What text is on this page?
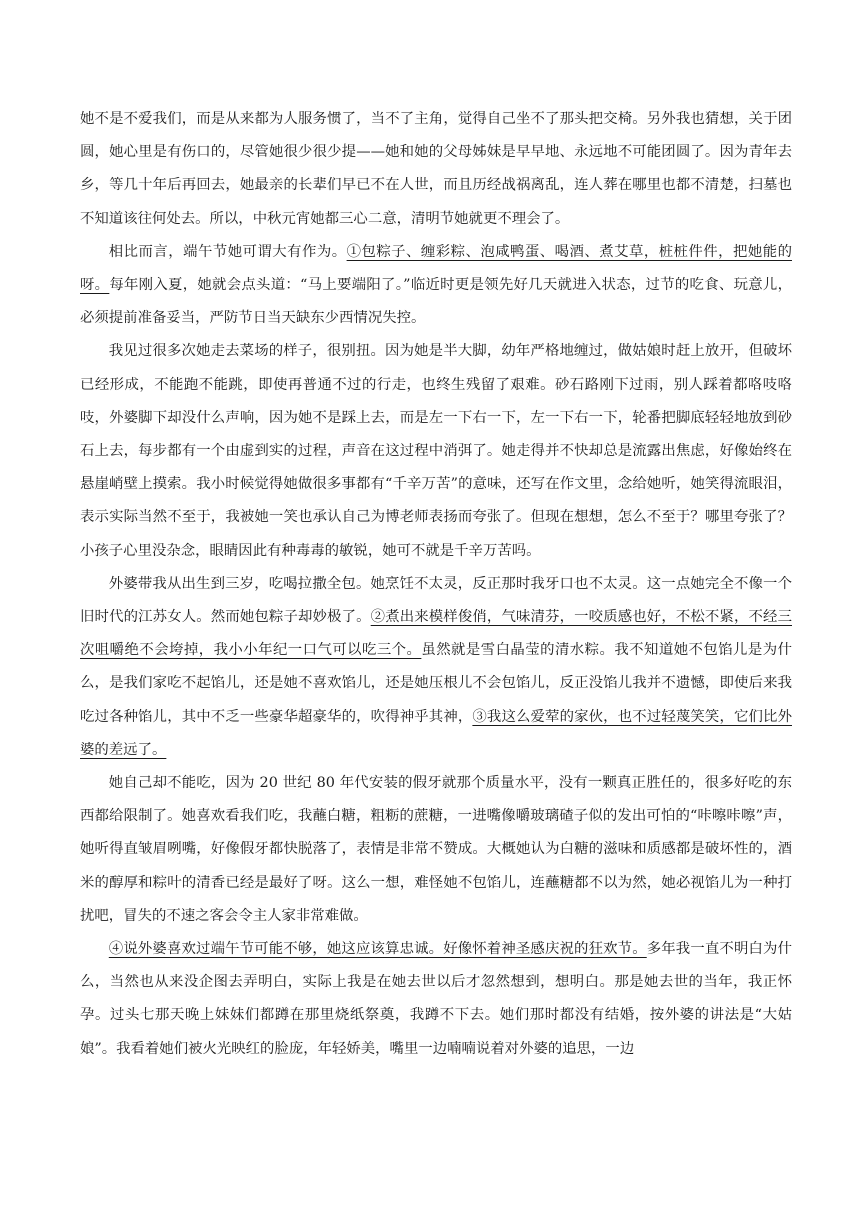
她不是不爱我们，而是从来都为人服务惯了，当不了主角，觉得自己坐不了那头把交椅。另外我也猜想，关于团圆，她心里是有伤口的，尽管她很少很少提——她和她的父母姊妹是早早地、永远地不可能团圆了。因为青年去乡，等几十年后再回去，她最亲的长辈们早已不在人世，而且历经战祸离乱，连人葬在哪里也都不清楚，扫墓也不知道该往何处去。所以，中秋元宵她都三心二意，清明节她就更不理会了。

相比而言，端午节她可谓大有作为。①包粽子、缠彩粽、泡咸鸭蛋、喝酒、煮艾草，桩桩件件，把她能的呀。每年刚入夏，她就会点头道：“马上要端阳了。”临近时更是领先好几天就进入状态，过节的吃食、玩意儿，必须提前准备妥当，严防节日当天缺东少西情况失控。

我见过很多次她走去菜场的样子，很别扭。因为她是半大脚，幼年严格地缠过，做姑娘时赶上放开，但破坏已经形成，不能跑不能跳，即使再普通不过的行走，也终生残留了艰难。砂石路刚下过雨，别人踩着都咯吱咯吱，外婆脚下却没什么声响，因为她不是踩上去，而是左一下右一下，左一下右一下，轮番把脚底轻轻地放到砂石上去，每步都有一个由虚到实的过程，声音在这过程中消弭了。她走得并不快却总是流露出焦虑，好像始终在悬崖峭壁上摸索。我小时候觉得她做很多事都有“千辛万苦”的意味，还写在作文里，念给她听，她笑得流眼泪，表示实际当然不至于，我被她一笑也承认自己为博老师表扬而夸张了。但现在想想，怎么不至于？哪里夸张了？小孩子心里没杂念，眼睛因此有种毒毒的敏锐，她可不就是千辛万苦吗。

外婆带我从出生到三岁，吃喝拉撒全包。她烹饪不太灵，反正那时我牙口也不太灵。这一点她完全不像一个旧时代的江苏女人。然而她包粽子却妙极了。②煮出来模样俊俏，气味清芬，一咬质感也好，不松不紧，不经三次咀嚼绝不会垮掉，我小小年纪一口气可以吃三个。虽然就是雪白晶莹的清水粽。我不知道她不包馅儿是为什么，是我们家吃不起馅儿，还是她不喜欢馅儿，还是她压根儿不会包馅儿，反正没馅儿我并不遗憾，即使后来我吃过各种馅儿，其中不乏一些豪华超豪华的，吹得神乎其神，③我这么爱荤的家伙，也不过轻蔑笑笑，它们比外婆的差远了。

她自己却不能吃，因为 20 世纪 80 年代安装的假牙就那个质量水平，没有一颗真正胜任的，很多好吃的东西都给限制了。她喜欢看我们吃，我蘸白糖，粗粝的蔗糖，一进嘴像嚼玻璃碴子似的发出可怕的“咔嚓咔嚓”声，她听得直皱眉咧嘴，好像假牙都快脱落了，表情是非常不赞成。大概她认为白糖的滋味和质感都是破坏性的，酒米的醇厚和粽叶的清香已经是最好了呀。这么一想，难怪她不包馅儿，连蘸糖都不以为然，她必视馅儿为一种打扰吧，冒失的不速之客会令主人家非常难做。

④说外婆喜欢过端午节可能不够，她这应该算忠诚。好像怀着神圣感庆祝的狂欢节。多年我一直不明白为什么，当然也从来没企图去弄明白，实际上我是在她去世以后才忽然想到，想明白。那是她去世的当年，我正怀孕。过头七那天晚上妹妹们都蹲在那里烧纸祭奠，我蹲不下去。她们那时都没有结婚，按外婆的讲法是“大姑娘”。我看着她们被火光映红的脸庞，年轻娇美，嘴里一边喃喃说着对外婆的追思，一边
